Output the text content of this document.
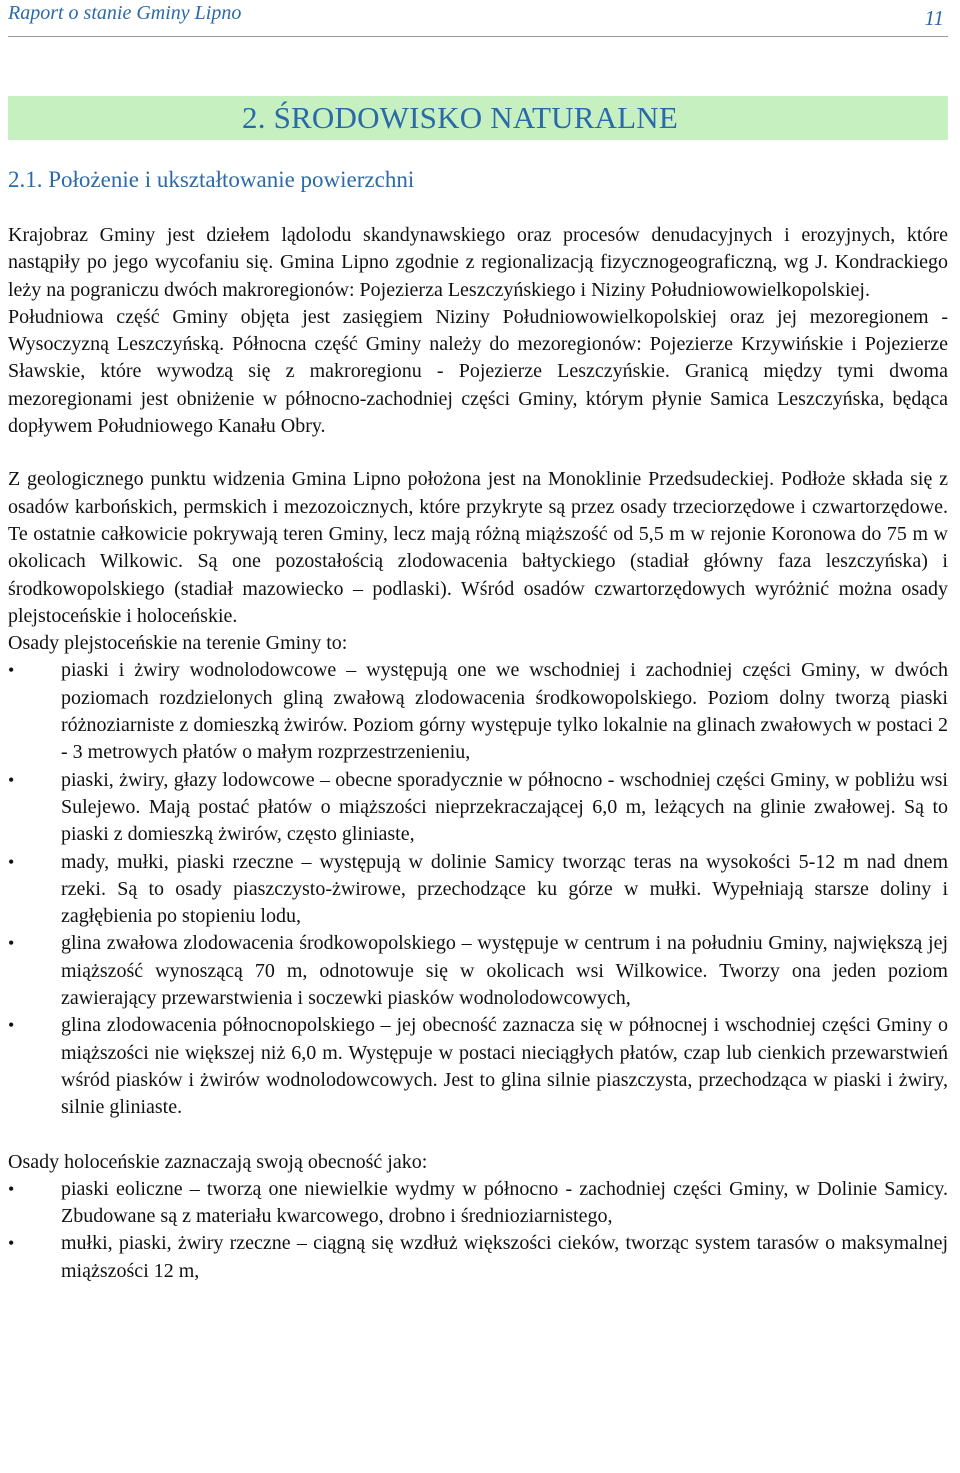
Raport o stanie Gminy Lipno	11
2. ŚRODOWISKO NATURALNE
2.1. Położenie i ukształtowanie powierzchni

Krajobraz Gminy jest dziełem lądolodu skandynawskiego oraz procesów denudacyjnych i erozyjnych, które nastąpiły po jego wycofaniu się. Gmina Lipno zgodnie z regionalizacją fizycznogeograficzną, wg J. Kondrackiego leży na pograniczu dwóch makroregionów: Pojezierza Leszczyńskiego i Niziny Południowowielkopolskiej.

Południowa część Gminy objęta jest zasięgiem Niziny Południowowielkopolskiej oraz jej mezoregionem - Wysoczyzną Leszczyńską. Północna część Gminy należy do mezoregionów: Pojezierze Krzywińskie i Pojezierze Sławskie, które wywodzą się z makroregionu - Pojezierze Leszczyńskie. Granicą między tymi dwoma mezoregionami jest obniżenie w północno-zachodniej części Gminy, którym płynie Samica Leszczyńska, będąca dopływem Południowego Kanału Obry.

Z geologicznego punktu widzenia Gmina Lipno położona jest na Monoklinie Przedsudeckiej. Podłoże składa się z osadów karbońskich, permskich i mezozoicznych, które przykryte są przez osady trzeciorzędowe i czwartorzędowe. Te ostatnie całkowicie pokrywają teren Gminy, lecz mają różną miąższość od 5,5 m w rejonie Koronowa do 75 m w okolicach Wilkowic. Są one pozostałością zlodowacenia bałtyckiego (stadiał główny faza leszczyńska) i środkowopolskiego (stadiał mazowiecko – podlaski). Wśród osadów czwartorzędowych wyróżnić można osady plejstoceńskie i holoceńskie.

Osady plejstoceńskie na terenie Gminy to:

•	piaski i żwiry wodnolodowcowe – występują one we wschodniej i zachodniej części Gminy, w dwóch poziomach rozdzielonych gliną zwałową zlodowacenia środkowopolskiego. Poziom dolny tworzą piaski różnoziarniste z domieszką żwirów. Poziom górny występuje tylko lokalnie na glinach zwałowych w postaci 2 - 3 metrowych płatów o małym rozprzestrzenieniu,
•	piaski, żwiry, głazy lodowcowe – obecne sporadycznie w północno - wschodniej części Gminy, w pobliżu wsi Sulejewo. Mają postać płatów o miąższości nieprzekraczającej 6,0 m, leżących na glinie zwałowej. Są to piaski z domieszką żwirów, często gliniaste,
•	mady, mułki, piaski rzeczne – występują w dolinie Samicy tworząc teras na wysokości 5-12 m nad dnem rzeki. Są to osady piaszczysto-żwirowe, przechodzące ku górze w mułki. Wypełniają starsze doliny i zagłębienia po stopieniu lodu,
•	glina zwałowa zlodowacenia środkowopolskiego – występuje w centrum i na południu Gminy, największą jej miąższość wynoszącą 70 m, odnotowuje się w okolicach wsi Wilkowice. Tworzy ona jeden poziom zawierający przewarstwienia i soczewki piasków wodnolodowcowych,
•	glina zlodowacenia północnopolskiego – jej obecność zaznacza się w północnej i wschodniej części Gminy o miąższości nie większej niż 6,0 m. Występuje w postaci nieciągłych płatów, czap lub cienkich przewarstwień wśród piasków i żwirów wodnolodowcowych. Jest to glina silnie piaszczysta, przechodząca w piaski i żwiry, silnie gliniaste.

Osady holoceńskie zaznaczają swoją obecność jako:

•	piaski eoliczne – tworzą one niewielkie wydmy w północno - zachodniej części Gminy, w Dolinie Samicy. Zbudowane są z materiału kwarcowego, drobno i średnioziarnistego,
•	mułki, piaski, żwiry rzeczne – ciągną się wzdłuż większości cieków, tworząc system tarasów o maksymalnej miąższości 12 m,
